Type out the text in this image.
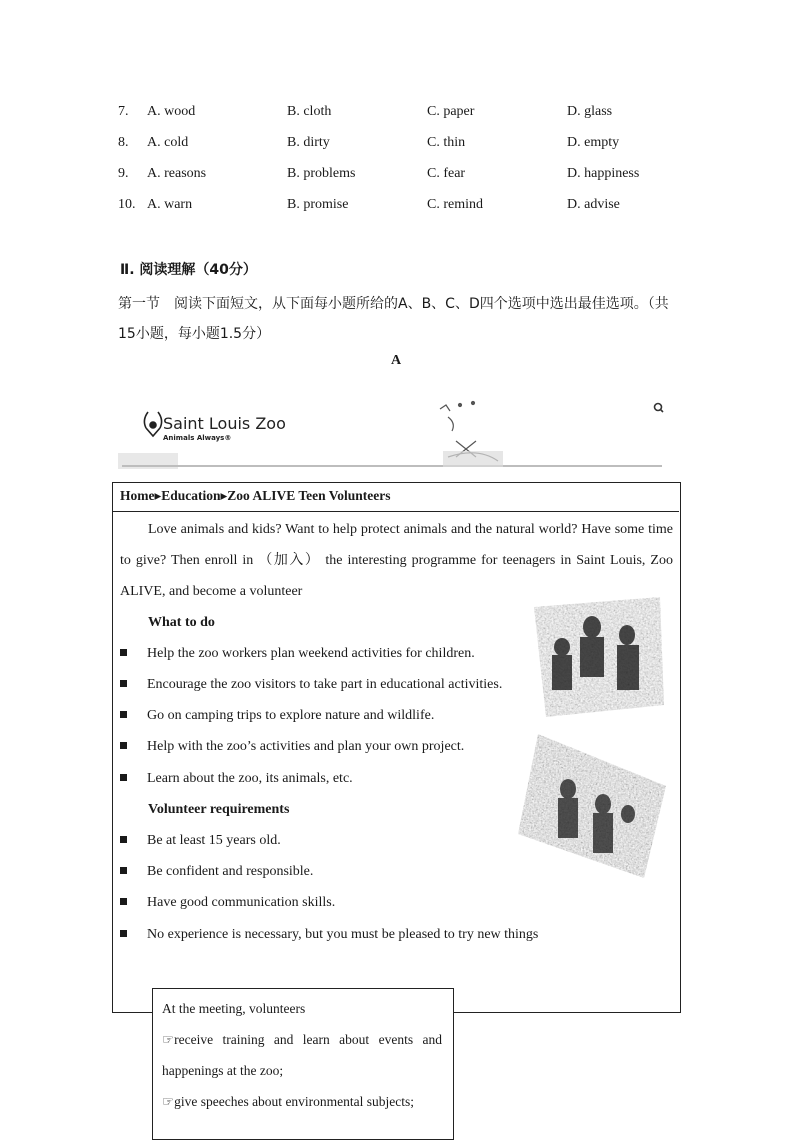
7. A. wood	B. cloth	C. paper	D. glass
8. A. cold	B. dirty	C. thin	D. empty
9. A. reasons	B. problems	C. fear	D. happiness
10. A. warn	B. promise	C. remind	D. advise
Ⅱ. 阅读理解（40分）
第一节　阅读下面短文，从下面每小题所给的A、B、C、D四个选项中选出最佳选项。（共
15小题，每小题1.5分）
A
Saint Louis Zoo
Animals Always®
Home▸Education▸Zoo ALIVE Teen Volunteers
Love animals and kids? Want to help protect animals and the natural world? Have some time
to give? Then enroll in （加入） the interesting programme for teenagers in Saint Louis, Zoo
ALIVE, and become a volunteer
What to do
Help the zoo workers plan weekend activities for children.
Encourage the zoo visitors to take part in educational activities.
Go on camping trips to explore nature and wildlife.
Help with the zoo’s activities and plan your own project.
Learn about the zoo, its animals, etc.
Volunteer requirements
Be at least 15 years old.
Be confident and responsible.
Have good communication skills.
No experience is necessary, but you must be pleased to try new things
At the meeting, volunteers
☞receive training and learn about events and
happenings at the zoo;
☞give speeches about environmental subjects;
